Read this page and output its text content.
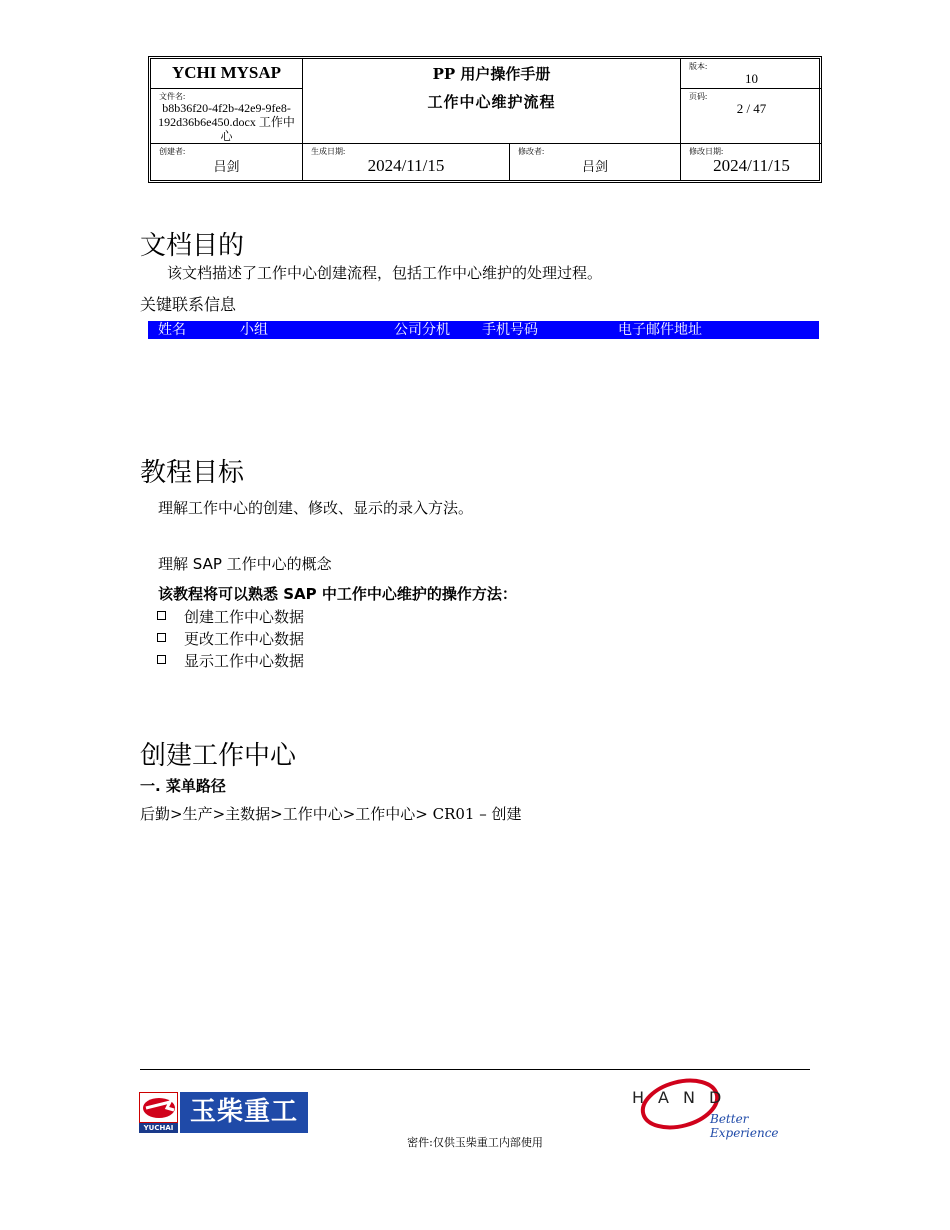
YCHI MYSAP
文件名:
b8b36f20-4f2b-42e9-9fe8-192d36b6e450.docx 工作中心
PP 用户操作手册
工作中心维护流程
版本:
10
页码:
2 / 47
创建者:
吕剑
生成日期:
2024/11/15
修改者:
吕剑
修改日期:
2024/11/15
文档目的
该文档描述了工作中心创建流程，包括工作中心维护的处理过程。
关键联系信息
姓名	小组	公司分机 手机号码	电子邮件地址
教程目标
理解工作中心的创建、修改、显示的录入方法。
理解 SAP 工作中心的概念
该教程将可以熟悉 SAP 中工作中心维护的操作方法：
创建工作中心数据
更改工作中心数据
显示工作中心数据
创建工作中心
一. 菜单路径
后勤>生产>主数据>工作中心>工作中心> CR01 – 创建
YUCHAI
玉柴重工	HAND
Better Experience
密件:仅供玉柴重工内部使用
